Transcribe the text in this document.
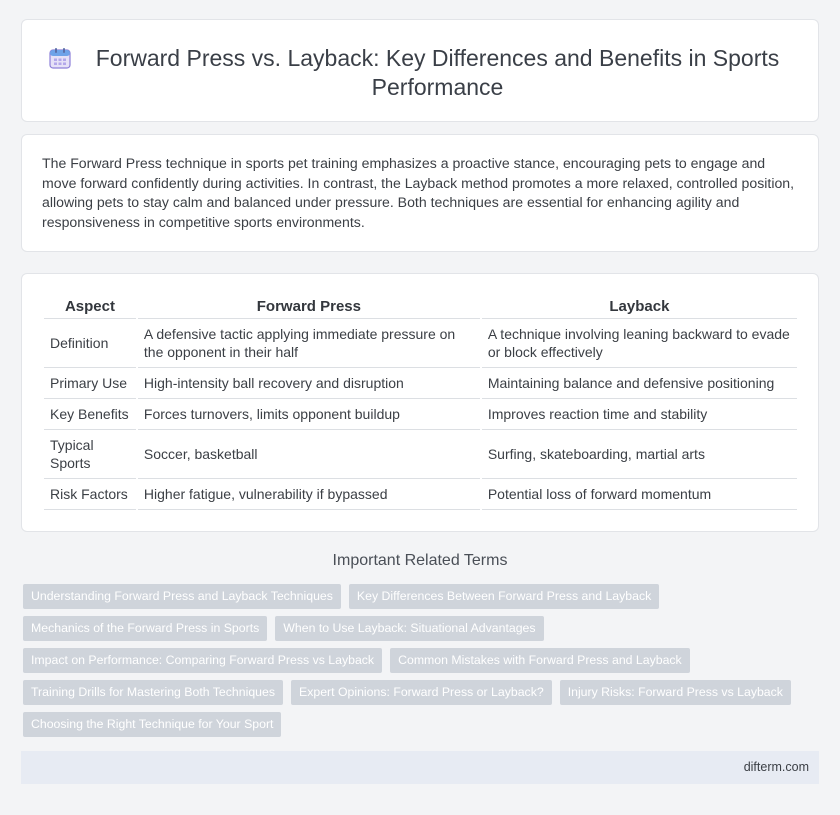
Forward Press vs. Layback: Key Differences and Benefits in Sports Performance

The Forward Press technique in sports pet training emphasizes a proactive stance, encouraging pets to engage and move forward confidently during activities. In contrast, the Layback method promotes a more relaxed, controlled position, allowing pets to stay calm and balanced under pressure. Both techniques are essential for enhancing agility and responsiveness in competitive sports environments.

Aspect	Forward Press	Layback
Definition	A defensive tactic applying immediate pressure on the opponent in their half	A technique involving leaning backward to evade or block effectively
Primary Use	High-intensity ball recovery and disruption	Maintaining balance and defensive positioning
Key Benefits	Forces turnovers, limits opponent buildup	Improves reaction time and stability
Typical Sports	Soccer, basketball	Surfing, skateboarding, martial arts
Risk Factors	Higher fatigue, vulnerability if bypassed	Potential loss of forward momentum
Important Related Terms
Understanding Forward Press and Layback Techniques	Key Differences Between Forward Press and Layback
Mechanics of the Forward Press in Sports	When to Use Layback: Situational Advantages
Impact on Performance: Comparing Forward Press vs Layback	Common Mistakes with Forward Press and Layback
Training Drills for Mastering Both Techniques	Expert Opinions: Forward Press or Layback?	Injury Risks: Forward Press vs Layback
Choosing the Right Technique for Your Sport
difterm.com
